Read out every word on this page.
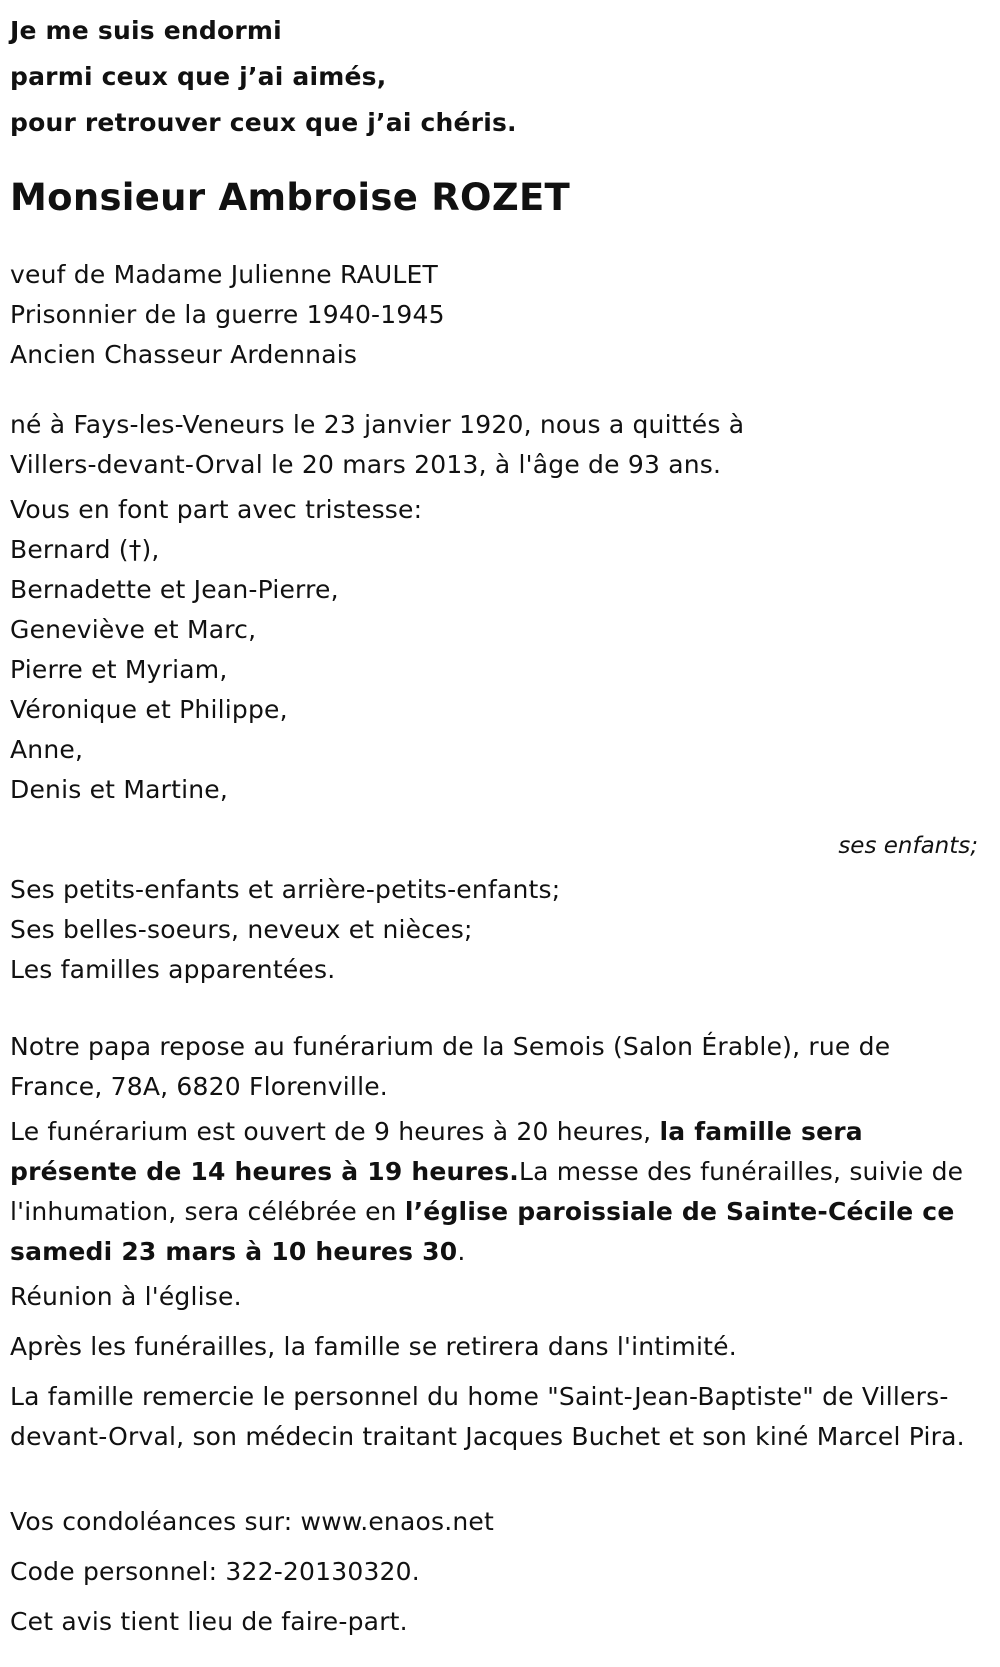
Je me suis endormi
parmi ceux que j’ai aimés,
pour retrouver ceux que j’ai chéris.
Monsieur Ambroise ROZET
veuf de Madame Julienne RAULET
Prisonnier de la guerre 1940-1945
Ancien Chasseur Ardennais
né à Fays-les-Veneurs le 23 janvier 1920, nous a quittés à Villers-devant-Orval le 20 mars 2013, à l'âge de 93 ans.
Vous en font part avec tristesse:
Bernard (†),
Bernadette et Jean-Pierre,
Geneviève et Marc,
Pierre et Myriam,
Véronique et Philippe,
Anne,
Denis et Martine,
ses enfants;
Ses petits-enfants et arrière-petits-enfants;
Ses belles-soeurs, neveux et nièces;
Les familles apparentées.
Notre papa repose au funérarium de la Semois (Salon Érable), rue de France, 78A, 6820 Florenville.
Le funérarium est ouvert de 9 heures à 20 heures, la famille sera présente de 14 heures à 19 heures.La messe des funérailles, suivie de l'inhumation, sera célébrée en l’église paroissiale de Sainte-Cécile ce samedi 23 mars à 10 heures 30.
Réunion à l'église.
Après les funérailles, la famille se retirera dans l'intimité.
La famille remercie le personnel du home "Saint-Jean-Baptiste" de Villers-devant-Orval, son médecin traitant Jacques Buchet et son kiné Marcel Pira.
Vos condoléances sur: www.enaos.net
Code personnel: 322-20130320.
Cet avis tient lieu de faire-part.
